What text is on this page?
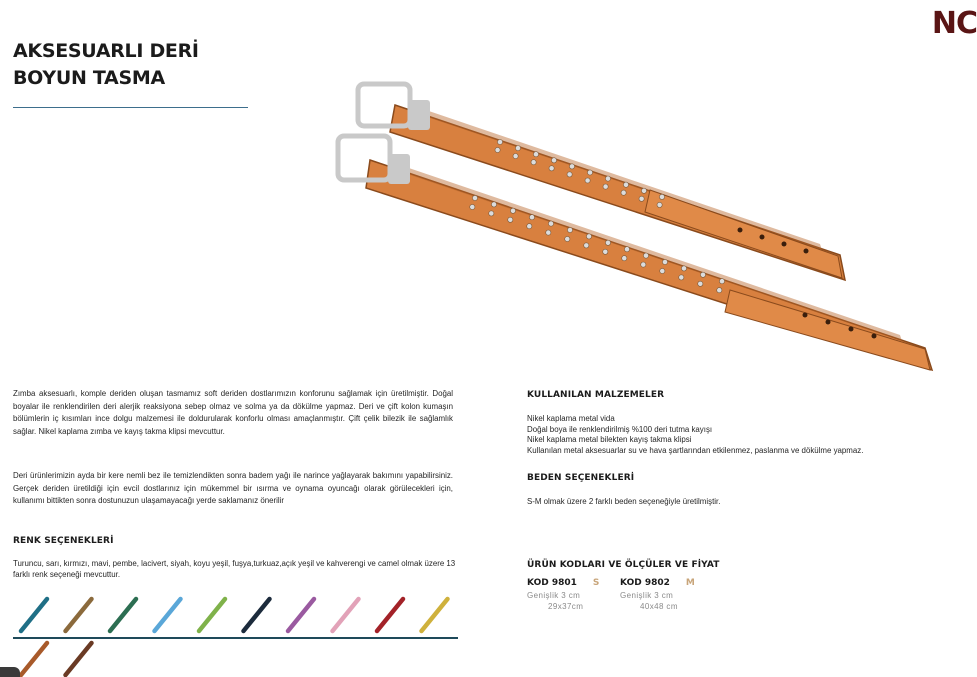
NC
AKSESUARLI DERİ BOYUN TASMA

Zımba aksesuarlı, komple deriden oluşan tasmamız soft deriden dostlarımızın konforunu sağlamak için üretilmiştir. Doğal boyalar ile renklendirilen deri alerjik reaksiyona sebep olmaz ve solma ya da dökülme yapmaz. Deri ve çift kolon kumaşın bölümlerin iç kısımları ince dolgu malzemesi ile doldurularak konforlu olması amaçlanmıştır. Çift çelik bilezik ile sağlamlık sağlar. Nikel kaplama zımba ve kayış takma klipsi mevcuttur.

Deri ürünlerimizin ayda bir kere nemli bez ile temizlendikten sonra badem yağı ile narince yağlayarak bakımını yapabilirsiniz. Gerçek deriden üretildiği için evcil dostlarınız için mükemmel bir ısırma ve oynama oyuncağı olarak görülecekleri için, kullanımı bittikten sonra dostunuzun ulaşamayacağı yerde saklamanız önerilir

RENK SEÇENEKLERİ

Turuncu, sarı, kırmızı, mavi, pembe, lacivert, siyah, koyu yeşil, fuşya,turkuaz,açık yeşil ve kahverengi ve camel olmak üzere 13 farklı renk seçeneği mevcuttur.

KULLANILAN MALZEMELER
Nikel kaplama metal vida
Doğal boya ile renklendirilmiş %100 deri tutma kayışı
Nikel kaplama metal bilekten kayış takma klipsi
Kullanılan metal aksesuarlar su ve hava şartlarından etkilenmez, paslanma ve dökülme yapmaz.
BEDEN SEÇENEKLERİ

S-M olmak üzere 2 farklı beden seçeneğiyle üretilmiştir.

ÜRÜN KODLARI VE ÖLÇÜLER VE FİYAT
KOD 9801 S KOD 9802 M
Genişlik 3 cm
29x37cm
Genişlik 3 cm
40x48 cm
